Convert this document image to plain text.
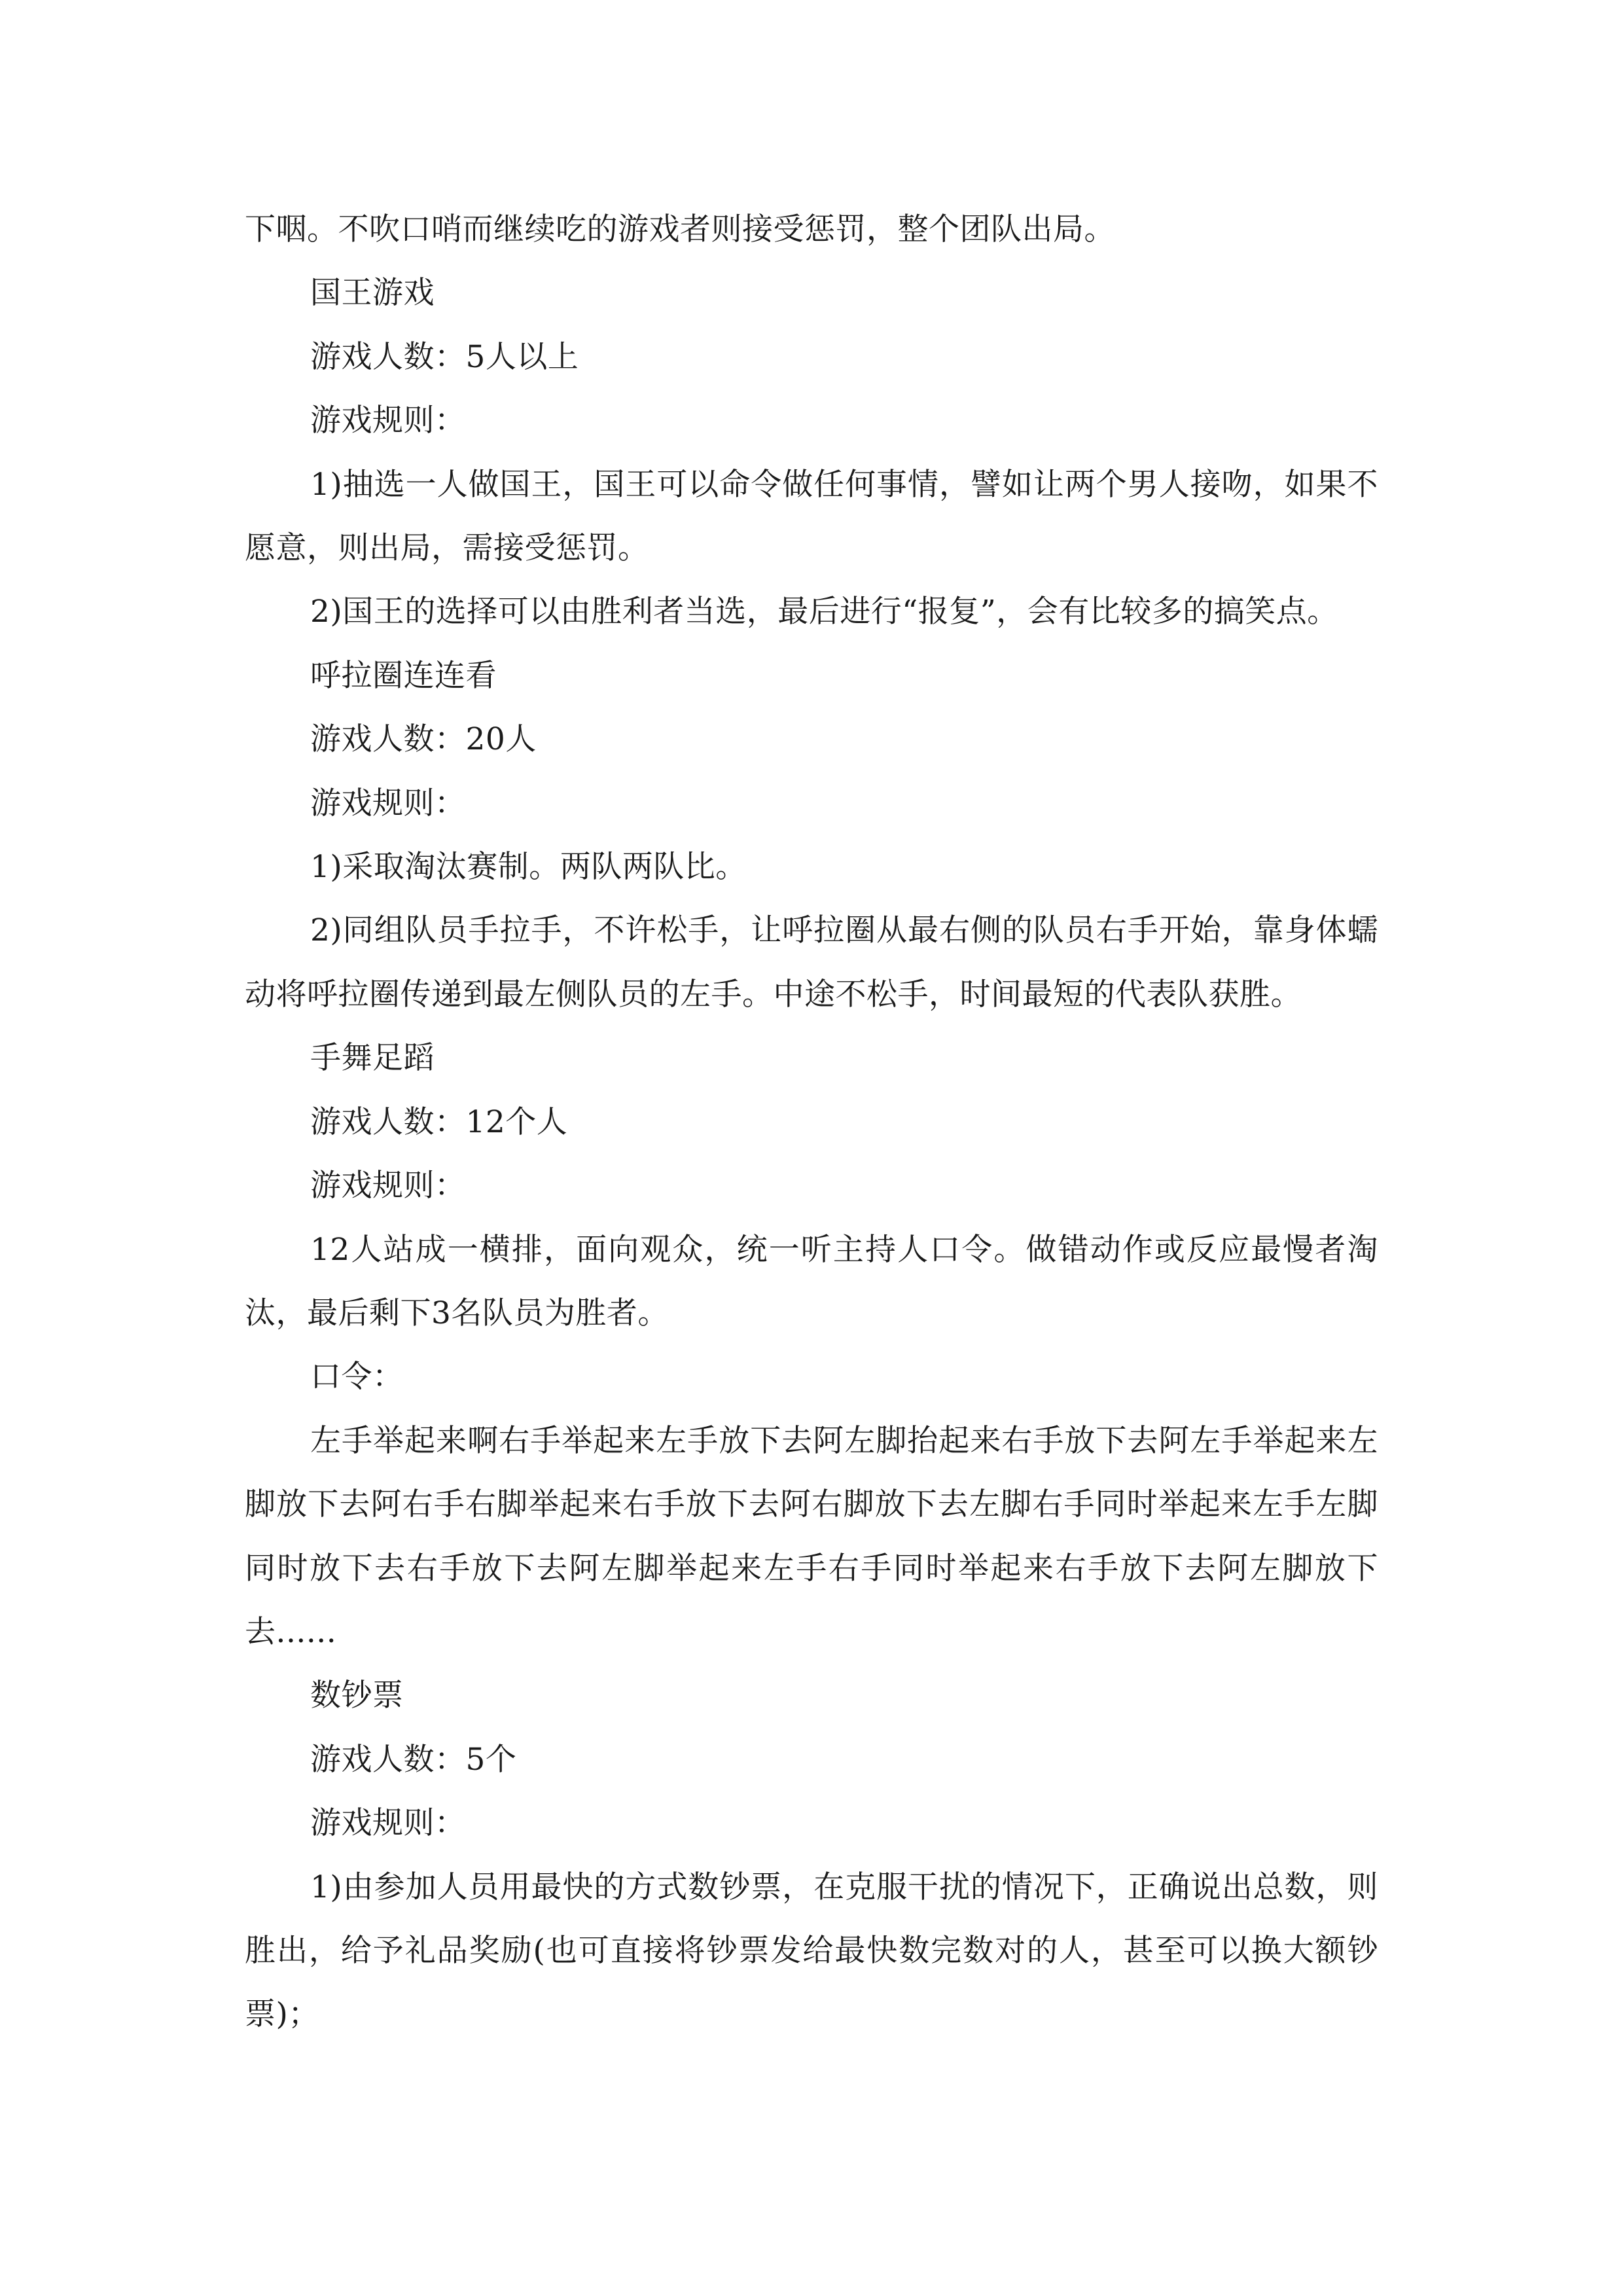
下咽。不吹口哨而继续吃的游戏者则接受惩罚，整个团队出局。

国王游戏

游戏人数：5人以上

游戏规则：

1)抽选一人做国王，国王可以命令做任何事情，譬如让两个男人接吻，如果不愿意，则出局，需接受惩罚。

2)国王的选择可以由胜利者当选，最后进行“报复”，会有比较多的搞笑点。

呼拉圈连连看

游戏人数：20人

游戏规则：

1)采取淘汰赛制。两队两队比。

2)同组队员手拉手，不许松手，让呼拉圈从最右侧的队员右手开始，靠身体蠕动将呼拉圈传递到最左侧队员的左手。中途不松手，时间最短的代表队获胜。

手舞足蹈

游戏人数：12个人

游戏规则：

12人站成一横排，面向观众，统一听主持人口令。做错动作或反应最慢者淘汰，最后剩下3名队员为胜者。

口令：

左手举起来啊右手举起来左手放下去阿左脚抬起来右手放下去阿左手举起来左脚放下去阿右手右脚举起来右手放下去阿右脚放下去左脚右手同时举起来左手左脚同时放下去右手放下去阿左脚举起来左手右手同时举起来右手放下去阿左脚放下去......

数钞票

游戏人数：5个

游戏规则：

1)由参加人员用最快的方式数钞票，在克服干扰的情况下，正确说出总数，则胜出，给予礼品奖励(也可直接将钞票发给最快数完数对的人，甚至可以换大额钞票)；
